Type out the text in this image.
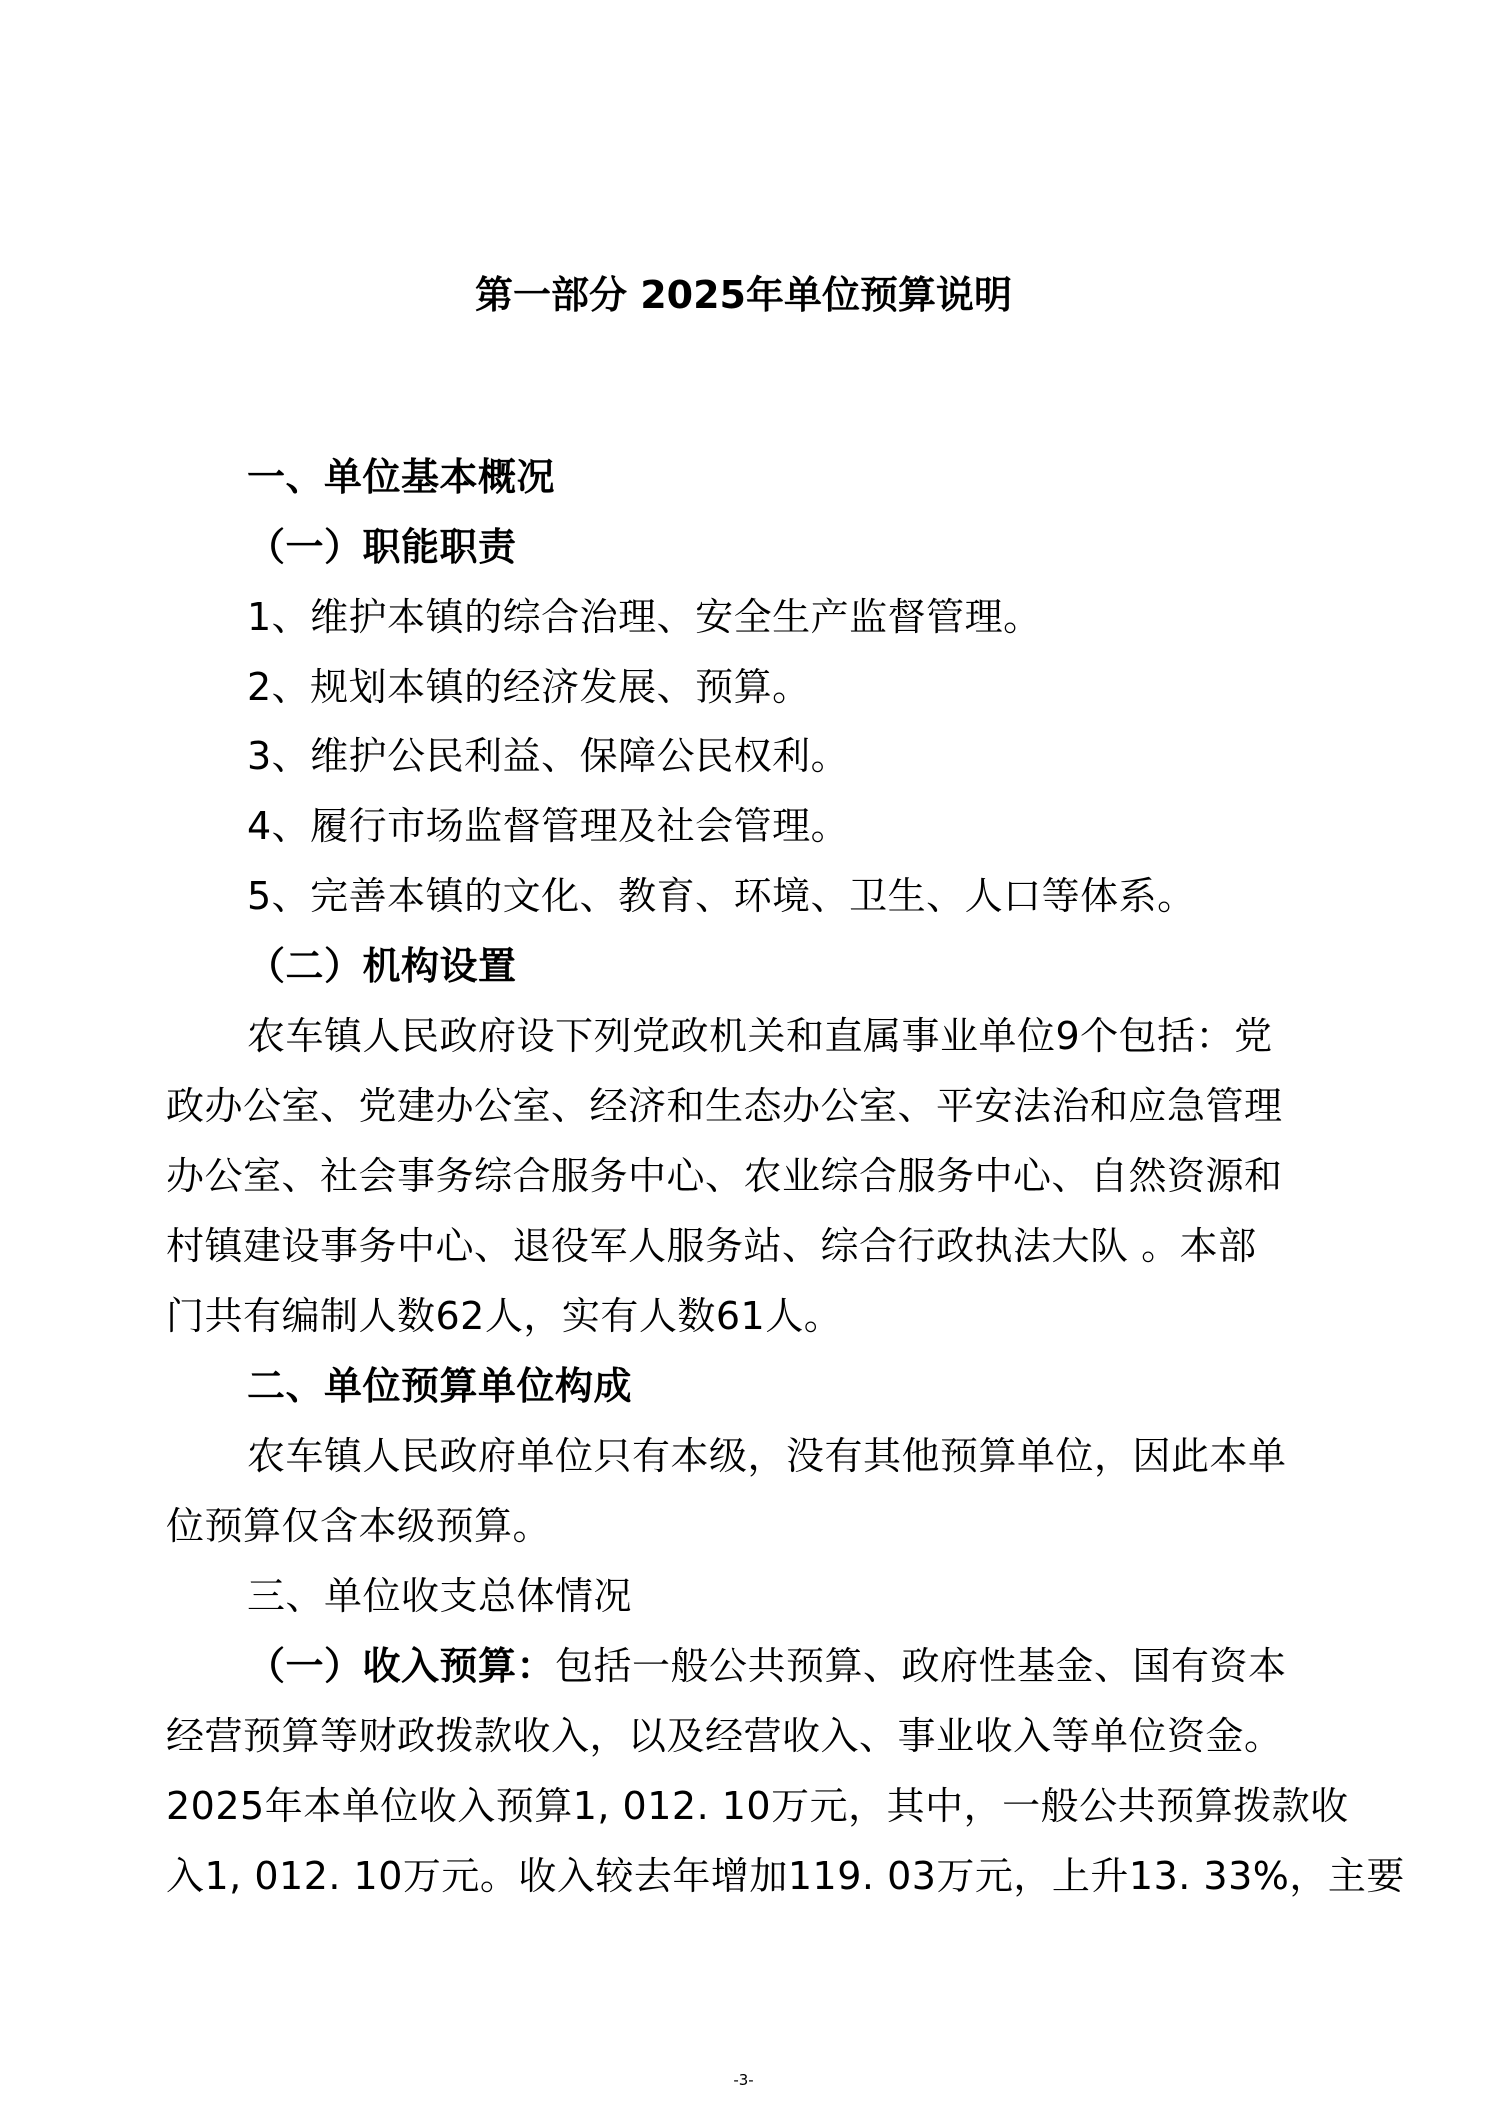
第一部分 2025年单位预算说明
一、单位基本概况
（一）职能职责
1、维护本镇的综合治理、安全生产监督管理。
2、规划本镇的经济发展、预算。
3、维护公民利益、保障公民权利。
4、履行市场监督管理及社会管理。
5、完善本镇的文化、教育、环境、卫生、人口等体系。
（二）机构设置
农车镇人民政府设下列党政机关和直属事业单位9个包括：党
政办公室、党建办公室、经济和生态办公室、平安法治和应急管理
办公室、社会事务综合服务中心、农业综合服务中心、自然资源和
村镇建设事务中心、退役军人服务站、综合行政执法大队 。本部
门共有编制人数62人，实有人数61人。
二、单位预算单位构成
农车镇人民政府单位只有本级，没有其他预算单位，因此本单
位预算仅含本级预算。
三、单位收支总体情况
（一）收入预算：包括一般公共预算、政府性基金、国有资本
经营预算等财政拨款收入，以及经营收入、事业收入等单位资金。
2025年本单位收入预算1, 012. 10万元，其中，一般公共预算拨款收
入1, 012. 10万元。收入较去年增加119. 03万元，上升13. 33%，主要
-3-
